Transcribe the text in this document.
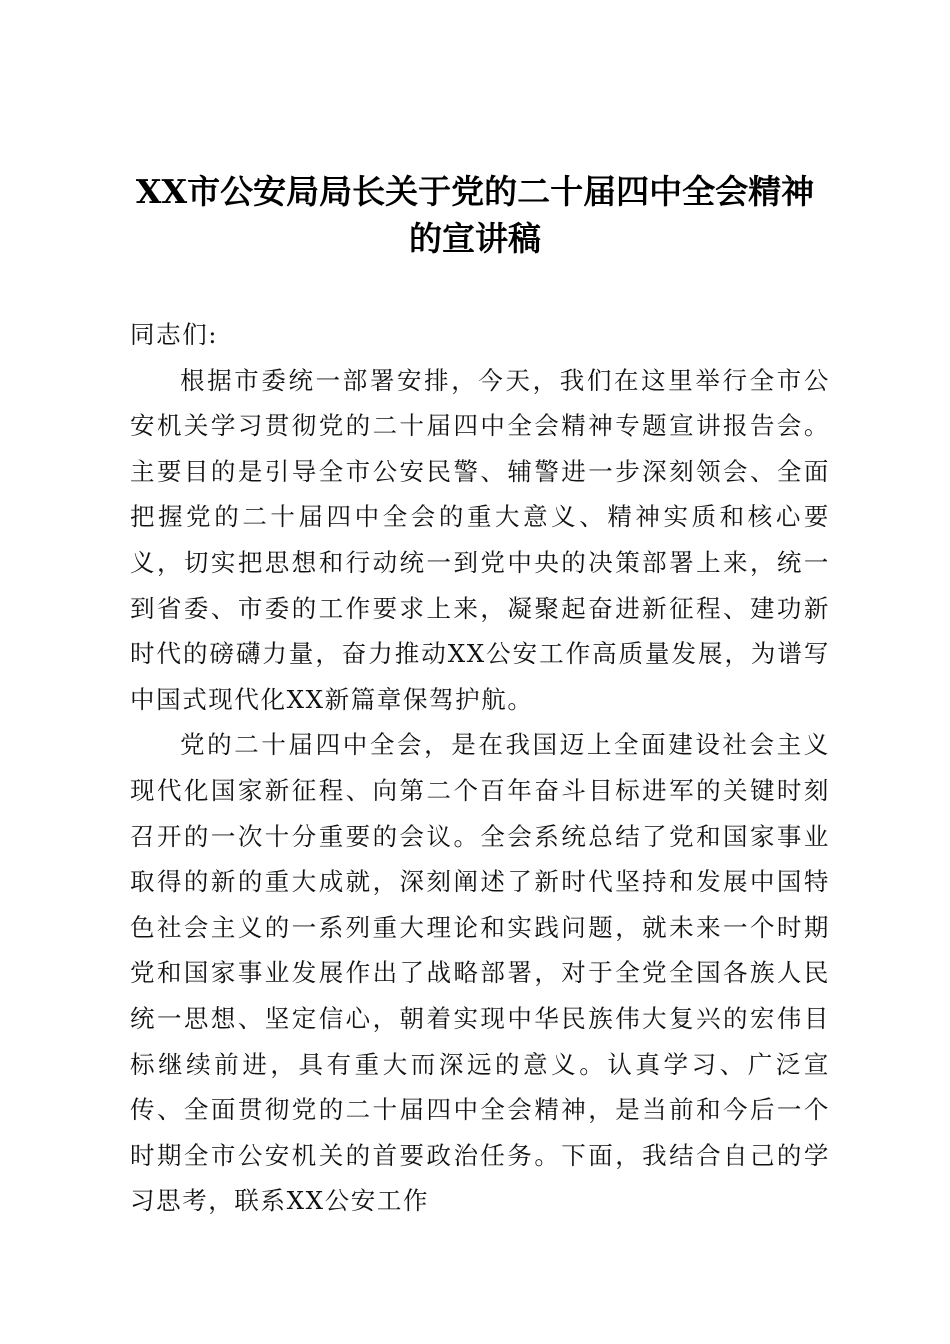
XX市公安局局长关于党的二十届四中全会精神的宣讲稿

同志们:

根据市委统一部署安排，今天，我们在这里举行全市公安机关学习贯彻党的二十届四中全会精神专题宣讲报告会。主要目的是引导全市公安民警、辅警进一步深刻领会、全面把握党的二十届四中全会的重大意义、精神实质和核心要义，切实把思想和行动统一到党中央的决策部署上来，统一到省委、市委的工作要求上来，凝聚起奋进新征程、建功新时代的磅礴力量，奋力推动XX公安工作高质量发展，为谱写中国式现代化XX新篇章保驾护航。

党的二十届四中全会，是在我国迈上全面建设社会主义现代化国家新征程、向第二个百年奋斗目标进军的关键时刻召开的一次十分重要的会议。全会系统总结了党和国家事业取得的新的重大成就，深刻阐述了新时代坚持和发展中国特色社会主义的一系列重大理论和实践问题，就未来一个时期党和国家事业发展作出了战略部署，对于全党全国各族人民统一思想、坚定信心，朝着实现中华民族伟大复兴的宏伟目标继续前进，具有重大而深远的意义。认真学习、广泛宣传、全面贯彻党的二十届四中全会精神，是当前和今后一个时期全市公安机关的首要政治任务。下面，我结合自己的学习思考，联系XX公安工作
